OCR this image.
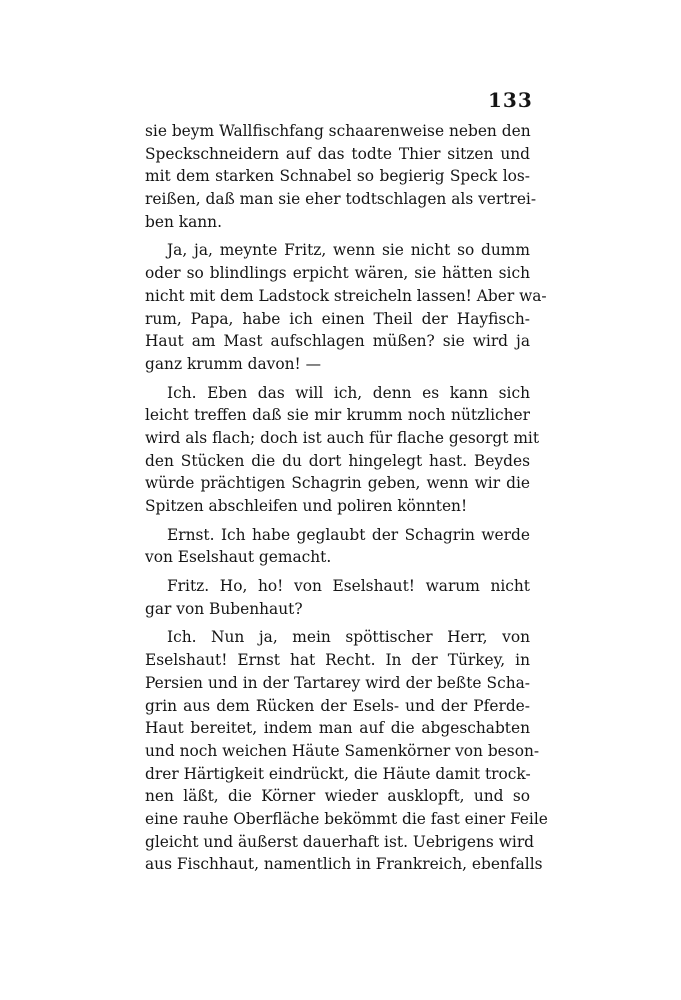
133
sie beym Wallfischfang schaarenweise neben den
Speckschneidern auf das todte Thier sitzen und
mit dem starken Schnabel so begierig Speck los-
reißen, daß man sie eher todtschlagen als vertrei-
ben kann.
Ja, ja, meynte Fritz, wenn sie nicht so dumm
oder so blindlings erpicht wären, sie hätten sich
nicht mit dem Ladstock streicheln lassen! Aber wa-
rum, Papa, habe ich einen Theil der Hayfisch-
Haut am Mast aufschlagen müßen? sie wird ja
ganz krumm davon! —
Ich. Eben das will ich, denn es kann sich
leicht treffen daß sie mir krumm noch nützlicher
wird als flach; doch ist auch für flache gesorgt mit
den Stücken die du dort hingelegt hast. Beydes
würde prächtigen Schagrin geben, wenn wir die
Spitzen abschleifen und poliren könnten!
Ernst. Ich habe geglaubt der Schagrin werde
von Eselshaut gemacht.
Fritz. Ho, ho! von Eselshaut! warum nicht
gar von Bubenhaut?
Ich. Nun ja, mein spöttischer Herr, von
Eselshaut! Ernst hat Recht. In der Türkey, in
Persien und in der Tartarey wird der beßte Scha-
grin aus dem Rücken der Esels- und der Pferde-
Haut bereitet, indem man auf die abgeschabten
und noch weichen Häute Samenkörner von beson-
drer Härtigkeit eindrückt, die Häute damit trock-
nen läßt, die Körner wieder ausklopft, und so
eine rauhe Oberfläche bekömmt die fast einer Feile
gleicht und äußerst dauerhaft ist. Uebrigens wird
aus Fischhaut, namentlich in Frankreich, ebenfalls
